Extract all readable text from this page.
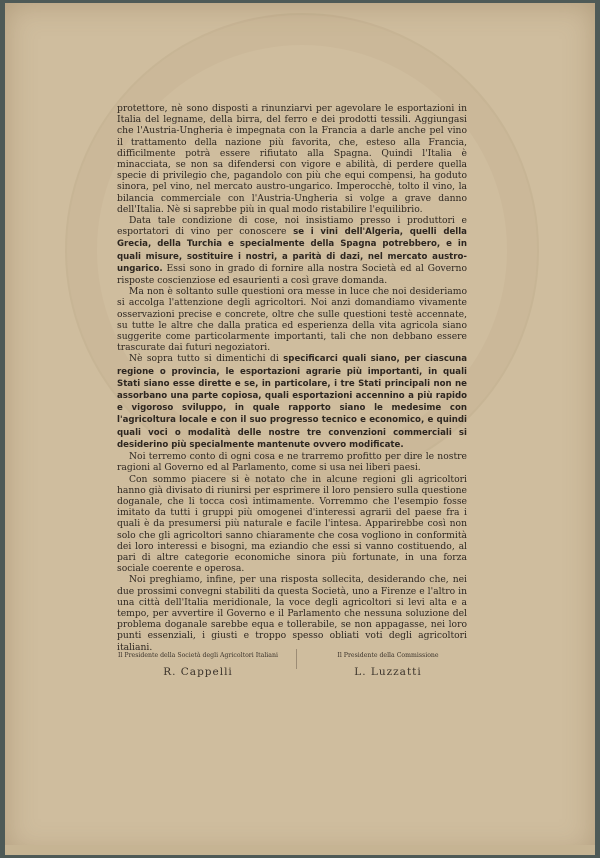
protettore, nè sono disposti a rinunziarvi per agevolare le esportazioni in Italia del legname, della birra, del ferro e dei prodotti tessili. Aggiungasi che l'Austria-Ungheria è impegnata con la Francia a darle anche pel vino il trattamento della nazione più favorita, che, esteso alla Francia, difficilmente potrà essere rifiutato alla Spagna. Quindi l'Italia è minacciata, se non sa difendersi con vigore e abilità, di perdere quella specie di privilegio che, pagandolo con più che equi compensi, ha goduto sinora, pel vino, nel mercato austro-ungarico. Imperocchè, tolto il vino, la bilancia commerciale con l'Austria-Ungheria si volge a grave danno dell'Italia. Nè si saprebbe più in qual modo ristabilire l'equilibrio.

Data tale condizione di cose, noi insistiamo presso i produttori e esportatori di vino per conoscere se i vini dell'Algeria, quelli della Grecia, della Turchia e specialmente della Spagna potrebbero, e in quali misure, sostituire i nostri, a parità di dazi, nel mercato austro-ungarico. Essi sono in grado di fornire alla nostra Società ed al Governo risposte coscienziose ed esaurienti a così grave domanda.

Ma non è soltanto sulle questioni ora messe in luce che noi desideriamo si accolga l'attenzione degli agricoltori. Noi anzi domandiamo vivamente osservazioni precise e concrete, oltre che sulle questioni testè accennate, su tutte le altre che dalla pratica ed esperienza della vita agricola siano suggerite come particolarmente importanti, tali che non debbano essere trascurate dai futuri negoziatori.

Nè sopra tutto si dimentichi di specificarci quali siano, per ciascuna regione o provincia, le esportazioni agrarie più importanti, in quali Stati siano esse dirette e se, in particolare, i tre Stati principali non ne assorbano una parte copiosa, quali esportazioni accennino a più rapido e vigoroso sviluppo, in quale rapporto siano le medesime con l'agricoltura locale e con il suo progresso tecnico e economico, e quindi quali voci o modalità delle nostre tre convenzioni commerciali si desiderino più specialmente mantenute ovvero modificate.

Noi terremo conto di ogni cosa e ne trarremo profitto per dire le nostre ragioni al Governo ed al Parlamento, come si usa nei liberi paesi.

Con sommo piacere si è notato che in alcune regioni gli agricoltori hanno già divisato di riunirsi per esprimere il loro pensiero sulla questione doganale, che li tocca così intimamente. Vorremmo che l'esempio fosse imitato da tutti i gruppi più omogenei d'interessi agrarii del paese fra i quali è da presumersi più naturale e facile l'intesa. Apparirebbe così non solo che gli agricoltori sanno chiaramente che cosa vogliono in conformità dei loro interessi e bisogni, ma eziandio che essi si vanno costituendo, al pari di altre categorie economiche sinora più fortunate, in una forza sociale coerente e operosa.

Noi preghiamo, infine, per una risposta sollecita, desiderando che, nei due prossimi convegni stabiliti da questa Società, uno a Firenze e l'altro in una città dell'Italia meridionale, la voce degli agricoltori si levi alta e a tempo, per avvertire il Governo e il Parlamento che nessuna soluzione del problema doganale sarebbe equa e tollerabile, se non appagasse, nei loro punti essenziali, i giusti e troppo spesso obliati voti degli agricoltori italiani.

Il Presidente della Società degli Agricoltori Italiani
R. Cappelli
Il Presidente della Commissione
L. Luzzatti
